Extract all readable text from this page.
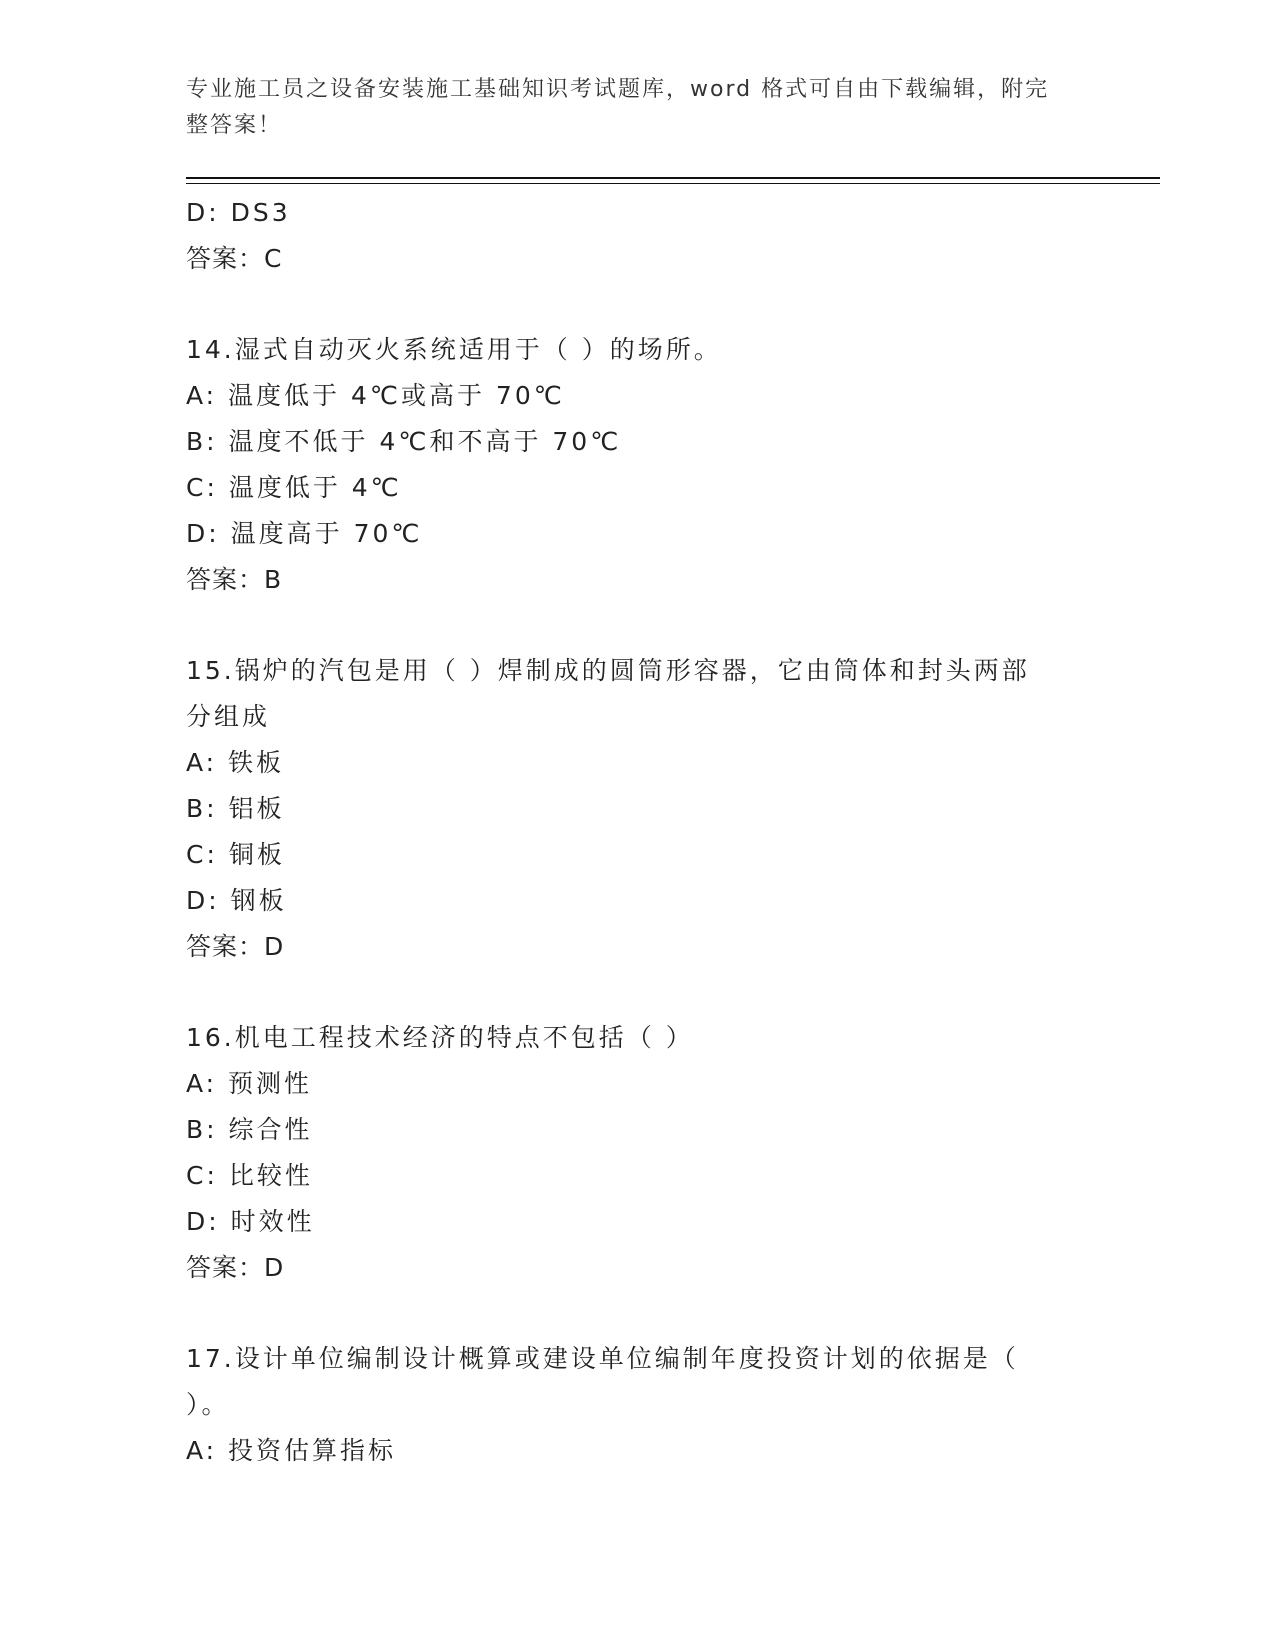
专业施工员之设备安装施工基础知识考试题库，word 格式可自由下载编辑，附完
整答案！
D: DS3
答案：C
14.湿式自动灭火系统适用于（ ）的场所。
A: 温度低于 4℃或高于 70℃
B: 温度不低于 4℃和不高于 70℃
C: 温度低于 4℃
D: 温度高于 70℃
答案：B
15.锅炉的汽包是用（ ）焊制成的圆筒形容器，它由筒体和封头两部
分组成
A: 铁板
B: 铝板
C: 铜板
D: 钢板
答案：D
16.机电工程技术经济的特点不包括（ ）
A: 预测性
B: 综合性
C: 比较性
D: 时效性
答案：D
17.设计单位编制设计概算或建设单位编制年度投资计划的依据是（
）。
A: 投资估算指标
